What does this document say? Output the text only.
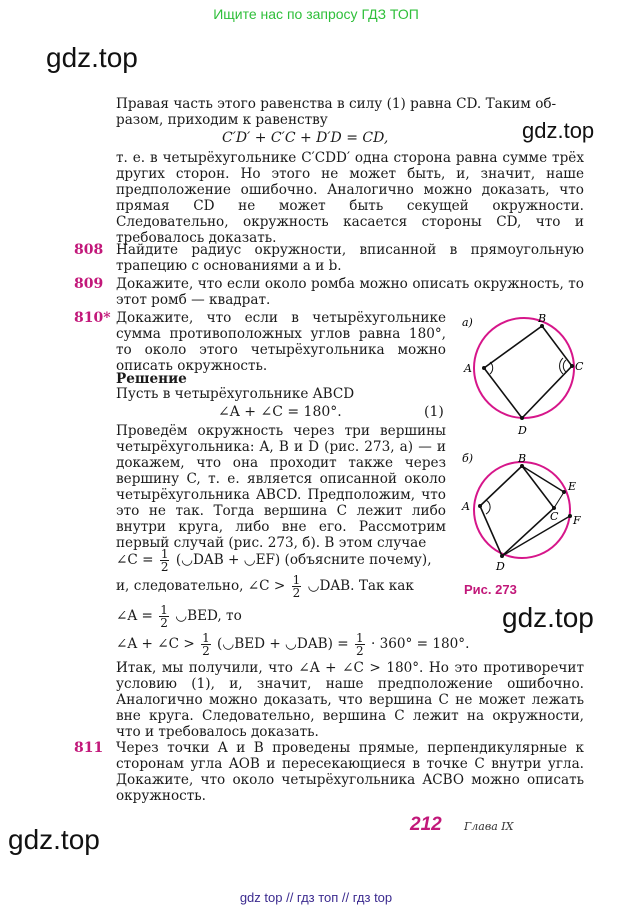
Ищите нас по запросу ГДЗ ТОП
gdz.top
gdz.top
gdz.top
gdz.top
Правая часть этого равенства в силу (1) равна CD. Таким об-
разом, приходим к равенству
C′D′ + C′C + D′D = CD,
т. е. в четырёхугольнике C′CDD′ одна сторона равна сумме трёх других сторон. Но этого не может быть, и, значит, наше предположение ошибочно. Аналогично можно доказать, что прямая CD не может быть секущей окружности. Следовательно, окружность касается стороны CD, что и требовалось доказать.
808 Найдите радиус окружности, вписанной в прямоугольную трапецию с основаниями a и b.
809 Докажите, что если около ромба можно описать окружность, то этот ромб — квадрат.
810* Докажите, что если в четырёхугольнике сумма противоположных углов равна 180°, то около этого четырёхугольника можно описать окружность.
Решение
Пусть в четырёхугольнике ABCD
∠A + ∠C = 180°.	(1)
Проведём окружность через три вершины четырёхугольника: A, B и D (рис. 273, а) — и докажем, что она проходит также через вершину C, т. е. является описанной около четырёхугольника ABCD. Предположим, что это не так. Тогда вершина C лежит либо внутри круга, либо вне его. Рассмотрим первый случай (рис. 273, б). В этом случае
∠C = $\frac{1}{2}$ (◡DAB + ◡EF) (объясните почему),
и, следовательно, ∠C > $\frac{1}{2}$ ◡DAB. Так как
∠A = $\frac{1}{2}$ ◡BED, то
∠A + ∠C > $\frac{1}{2}$ (◡BED + ◡DAB) = $\frac{1}{2} \cdot 360^\circ = 180^\circ$.
Итак, мы получили, что ∠A + ∠C > 180°. Но это противоречит условию (1), и, значит, наше предположение ошибочно. Аналогично можно доказать, что вершина C не может лежать вне круга. Следовательно, вершина C лежит на окружности, что и требовалось доказать.
811 Через точки A и B проведены прямые, перпендикулярные к сторонам угла AOB и пересекающиеся в точке C внутри угла. Докажите, что около четырёхугольника ACBO можно описать окружность.
а)
A
B
C
D
б)
A
B
C
D
E
F
Рис. 273
212 Глава IX
gdz top // гдз топ // гдз top
